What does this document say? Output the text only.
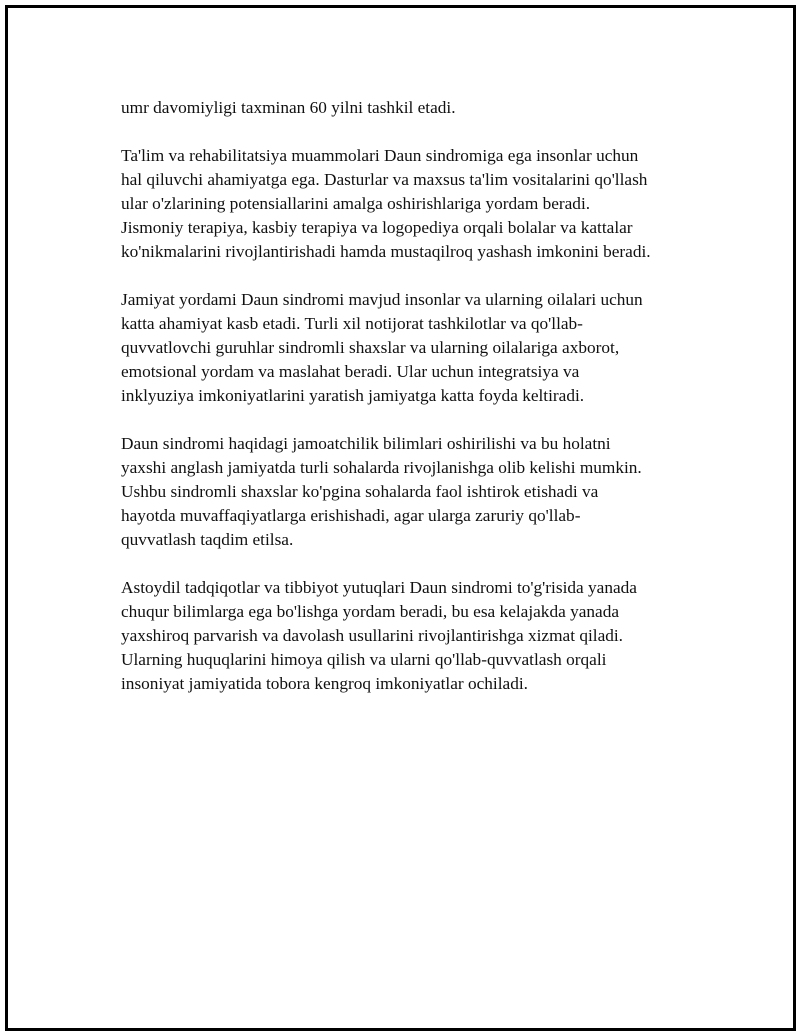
umr davomiyligi taxminan 60 yilni tashkil etadi.

Ta'lim va rehabilitatsiya muammolari Daun sindromiga ega insonlar uchun
hal qiluvchi ahamiyatga ega. Dasturlar va maxsus ta'lim vositalarini qo'llash
ular o'zlarining potensiallarini amalga oshirishlariga yordam beradi.
Jismoniy terapiya, kasbiy terapiya va logopediya orqali bolalar va kattalar
ko'nikmalarini rivojlantirishadi hamda mustaqilroq yashash imkonini beradi.

Jamiyat yordami Daun sindromi mavjud insonlar va ularning oilalari uchun
katta ahamiyat kasb etadi. Turli xil notijorat tashkilotlar va qo'llab-
quvvatlovchi guruhlar sindromli shaxslar va ularning oilalariga axborot,
emotsional yordam va maslahat beradi. Ular uchun integratsiya va
inklyuziya imkoniyatlarini yaratish jamiyatga katta foyda keltiradi.

Daun sindromi haqidagi jamoatchilik bilimlari oshirilishi va bu holatni
yaxshi anglash jamiyatda turli sohalarda rivojlanishga olib kelishi mumkin.
Ushbu sindromli shaxslar ko'pgina sohalarda faol ishtirok etishadi va
hayotda muvaffaqiyatlarga erishishadi, agar ularga zaruriy qo'llab-
quvvatlash taqdim etilsa.

Astoydil tadqiqotlar va tibbiyot yutuqlari Daun sindromi to'g'risida yanada
chuqur bilimlarga ega bo'lishga yordam beradi, bu esa kelajakda yanada
yaxshiroq parvarish va davolash usullarini rivojlantirishga xizmat qiladi.
Ularning huquqlarini himoya qilish va ularni qo'llab-quvvatlash orqali
insoniyat jamiyatida tobora kengroq imkoniyatlar ochiladi.
